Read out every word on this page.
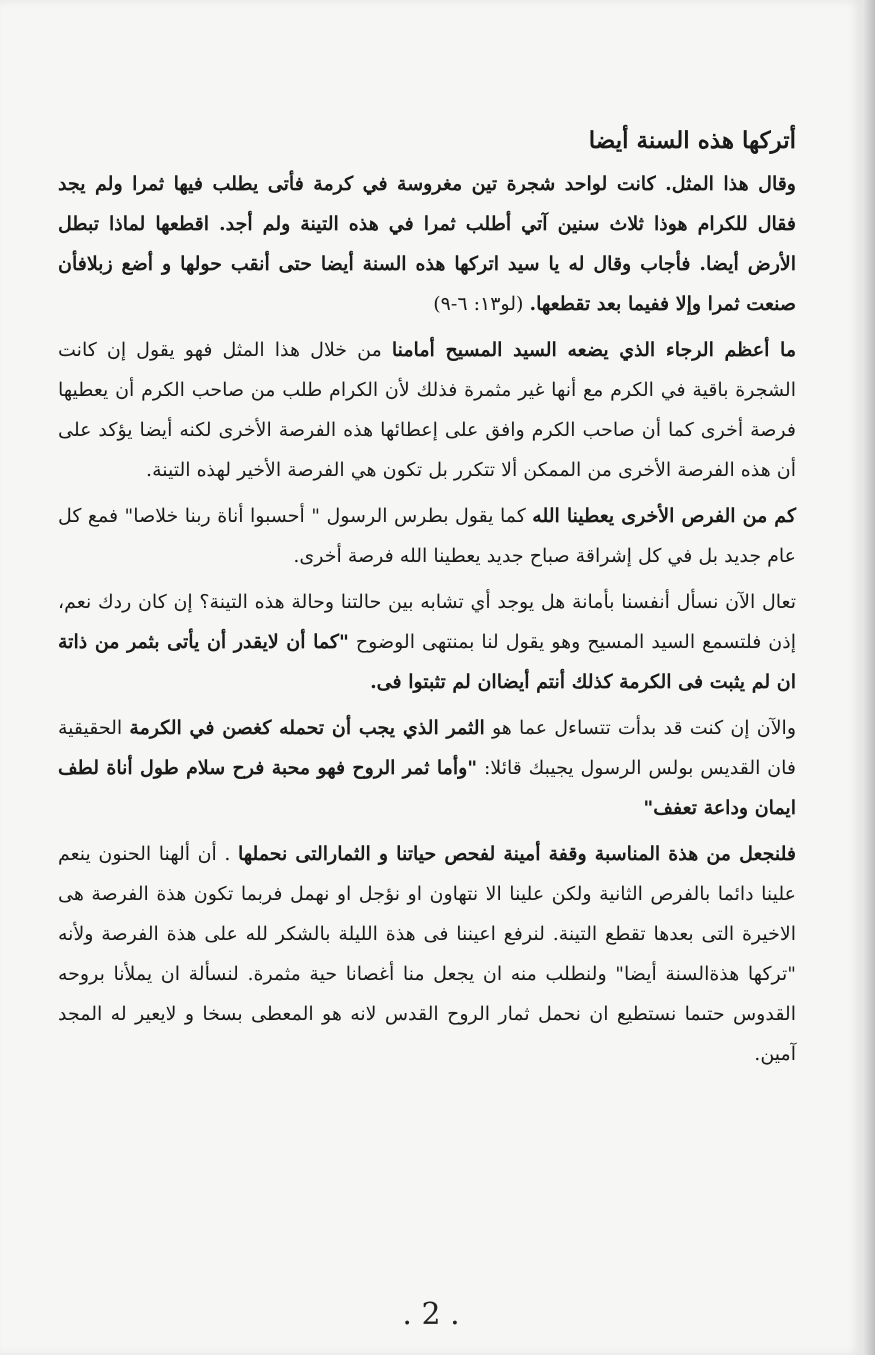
أتركها هذه السنة أيضا

وقال هذا المثل. كانت لواحد شجرة تين مغروسة في كرمة فأتى يطلب فيها ثمرا ولم يجد فقال للكرام هوذا ثلاث سنين آتي أطلب ثمرا في هذه التينة ولم أجد. اقطعها لماذا تبطل الأرض أيضا. فأجاب وقال له يا سيد اتركها هذه السنة أيضا حتى أنقب حولها و أضع زبلافأن صنعت ثمرا وإلا ففيما بعد تقطعها. (لو١٣: ٦-٩)

ما أعظم الرجاء الذي يضعه السيد المسيح أمامنا من خلال هذا المثل فهو يقول إن كانت الشجرة باقية في الكرم مع أنها غير مثمرة فذلك لأن الكرام طلب من صاحب الكرم أن يعطيها فرصة أخرى كما أن صاحب الكرم وافق على إعطائها هذه الفرصة الأخرى لكنه أيضا يؤكد على أن هذه الفرصة الأخرى من الممكن ألا تتكرر بل تكون هي الفرصة الأخير لهذه التينة.

كم من الفرص الأخرى يعطينا الله كما يقول بطرس الرسول " أحسبوا أناة ربنا خلاصا" فمع كل عام جديد بل في كل إشراقة صباح جديد يعطينا الله فرصة أخرى.

تعال الآن نسأل أنفسنا بأمانة هل يوجد أي تشابه بين حالتنا وحالة هذه التينة؟ إن كان ردك نعم، إذن فلتسمع السيد المسيح وهو يقول لنا بمنتهى الوضوح "كما أن لايقدر أن يأتى بثمر من ذاتة ان لم يثبت فى الكرمة كذلك أنتم أيضاان لم تثبتوا فى.

والآن إن كنت قد بدأت تتساءل عما هو الثمر الذي يجب أن تحمله كغصن في الكرمة الحقيقية فان القديس بولس الرسول يجيبك قائلا: "وأما ثمر الروح فهو محبة فرح سلام طول أناة لطف ايمان وداعة تعفف"

فلنجعل من هذة المناسبة وقفة أمينة لفحص حياتنا و الثمارالتى نحملها . أن ألهنا الحنون ينعم علينا دائما بالفرص الثانية ولكن علينا الا نتهاون او نؤجل او نهمل فربما تكون هذة الفرصة هى الاخيرة التى بعدها تقطع التينة. لنرفع اعيننا فى هذة الليلة بالشكر لله على هذة الفرصة ولأنه "تركها هذةالسنة أيضا" ولنطلب منه ان يجعل منا أغصانا حية مثمرة. لنسألة ان يملأنا بروحه القدوس حتىما نستطيع ان نحمل ثمار الروح القدس لانه هو المعطى بسخا و لايعير له المجد آمين.

. 2 .
